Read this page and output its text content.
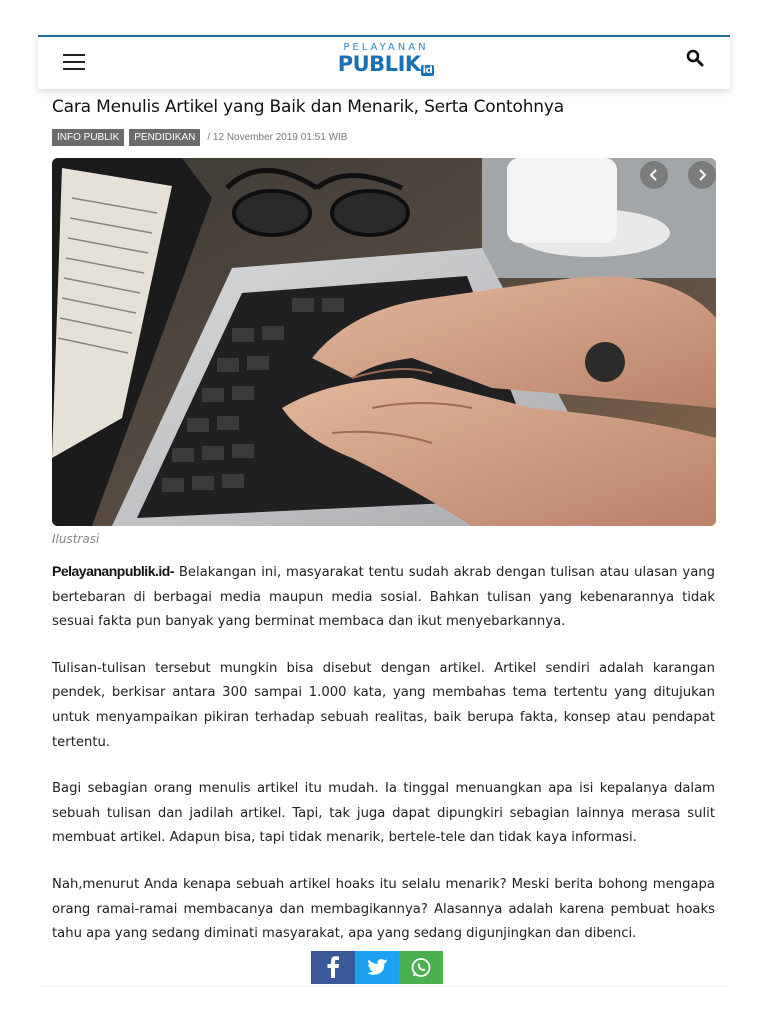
PELAYANAN
PUBLIK $^{id}$
Cara Menulis Artikel yang Baik dan Menarik, Serta Contohnya
INFO PUBLIK	PENDIDIKAN	/ 12 November 2019 01:51 WIB
Ilustrasi

Pelayananpublik.id- Belakangan ini, masyarakat tentu sudah akrab dengan tulisan atau ulasan yang bertebaran di berbagai media maupun media sosial. Bahkan tulisan yang kebenarannya tidak sesuai fakta pun banyak yang berminat membaca dan ikut menyebarkannya.

Tulisan-tulisan tersebut mungkin bisa disebut dengan artikel. Artikel sendiri adalah karangan pendek, berkisar antara 300 sampai 1.000 kata, yang membahas tema tertentu yang ditujukan untuk menyampaikan pikiran terhadap sebuah realitas, baik berupa fakta, konsep atau pendapat tertentu.

Bagi sebagian orang menulis artikel itu mudah. Ia tinggal menuangkan apa isi kepalanya dalam sebuah tulisan dan jadilah artikel. Tapi, tak juga dapat dipungkiri sebagian lainnya merasa sulit membuat artikel. Adapun bisa, tapi tidak menarik, bertele-tele dan tidak kaya informasi.

Nah,menurut Anda kenapa sebuah artikel hoaks itu selalu menarik? Meski berita bohong mengapa orang ramai-ramai membacanya dan membagikannya? Alasannya adalah karena pembuat hoaks tahu apa yang sedang diminati masyarakat, apa yang sedang digunjingkan dan dibenci.
